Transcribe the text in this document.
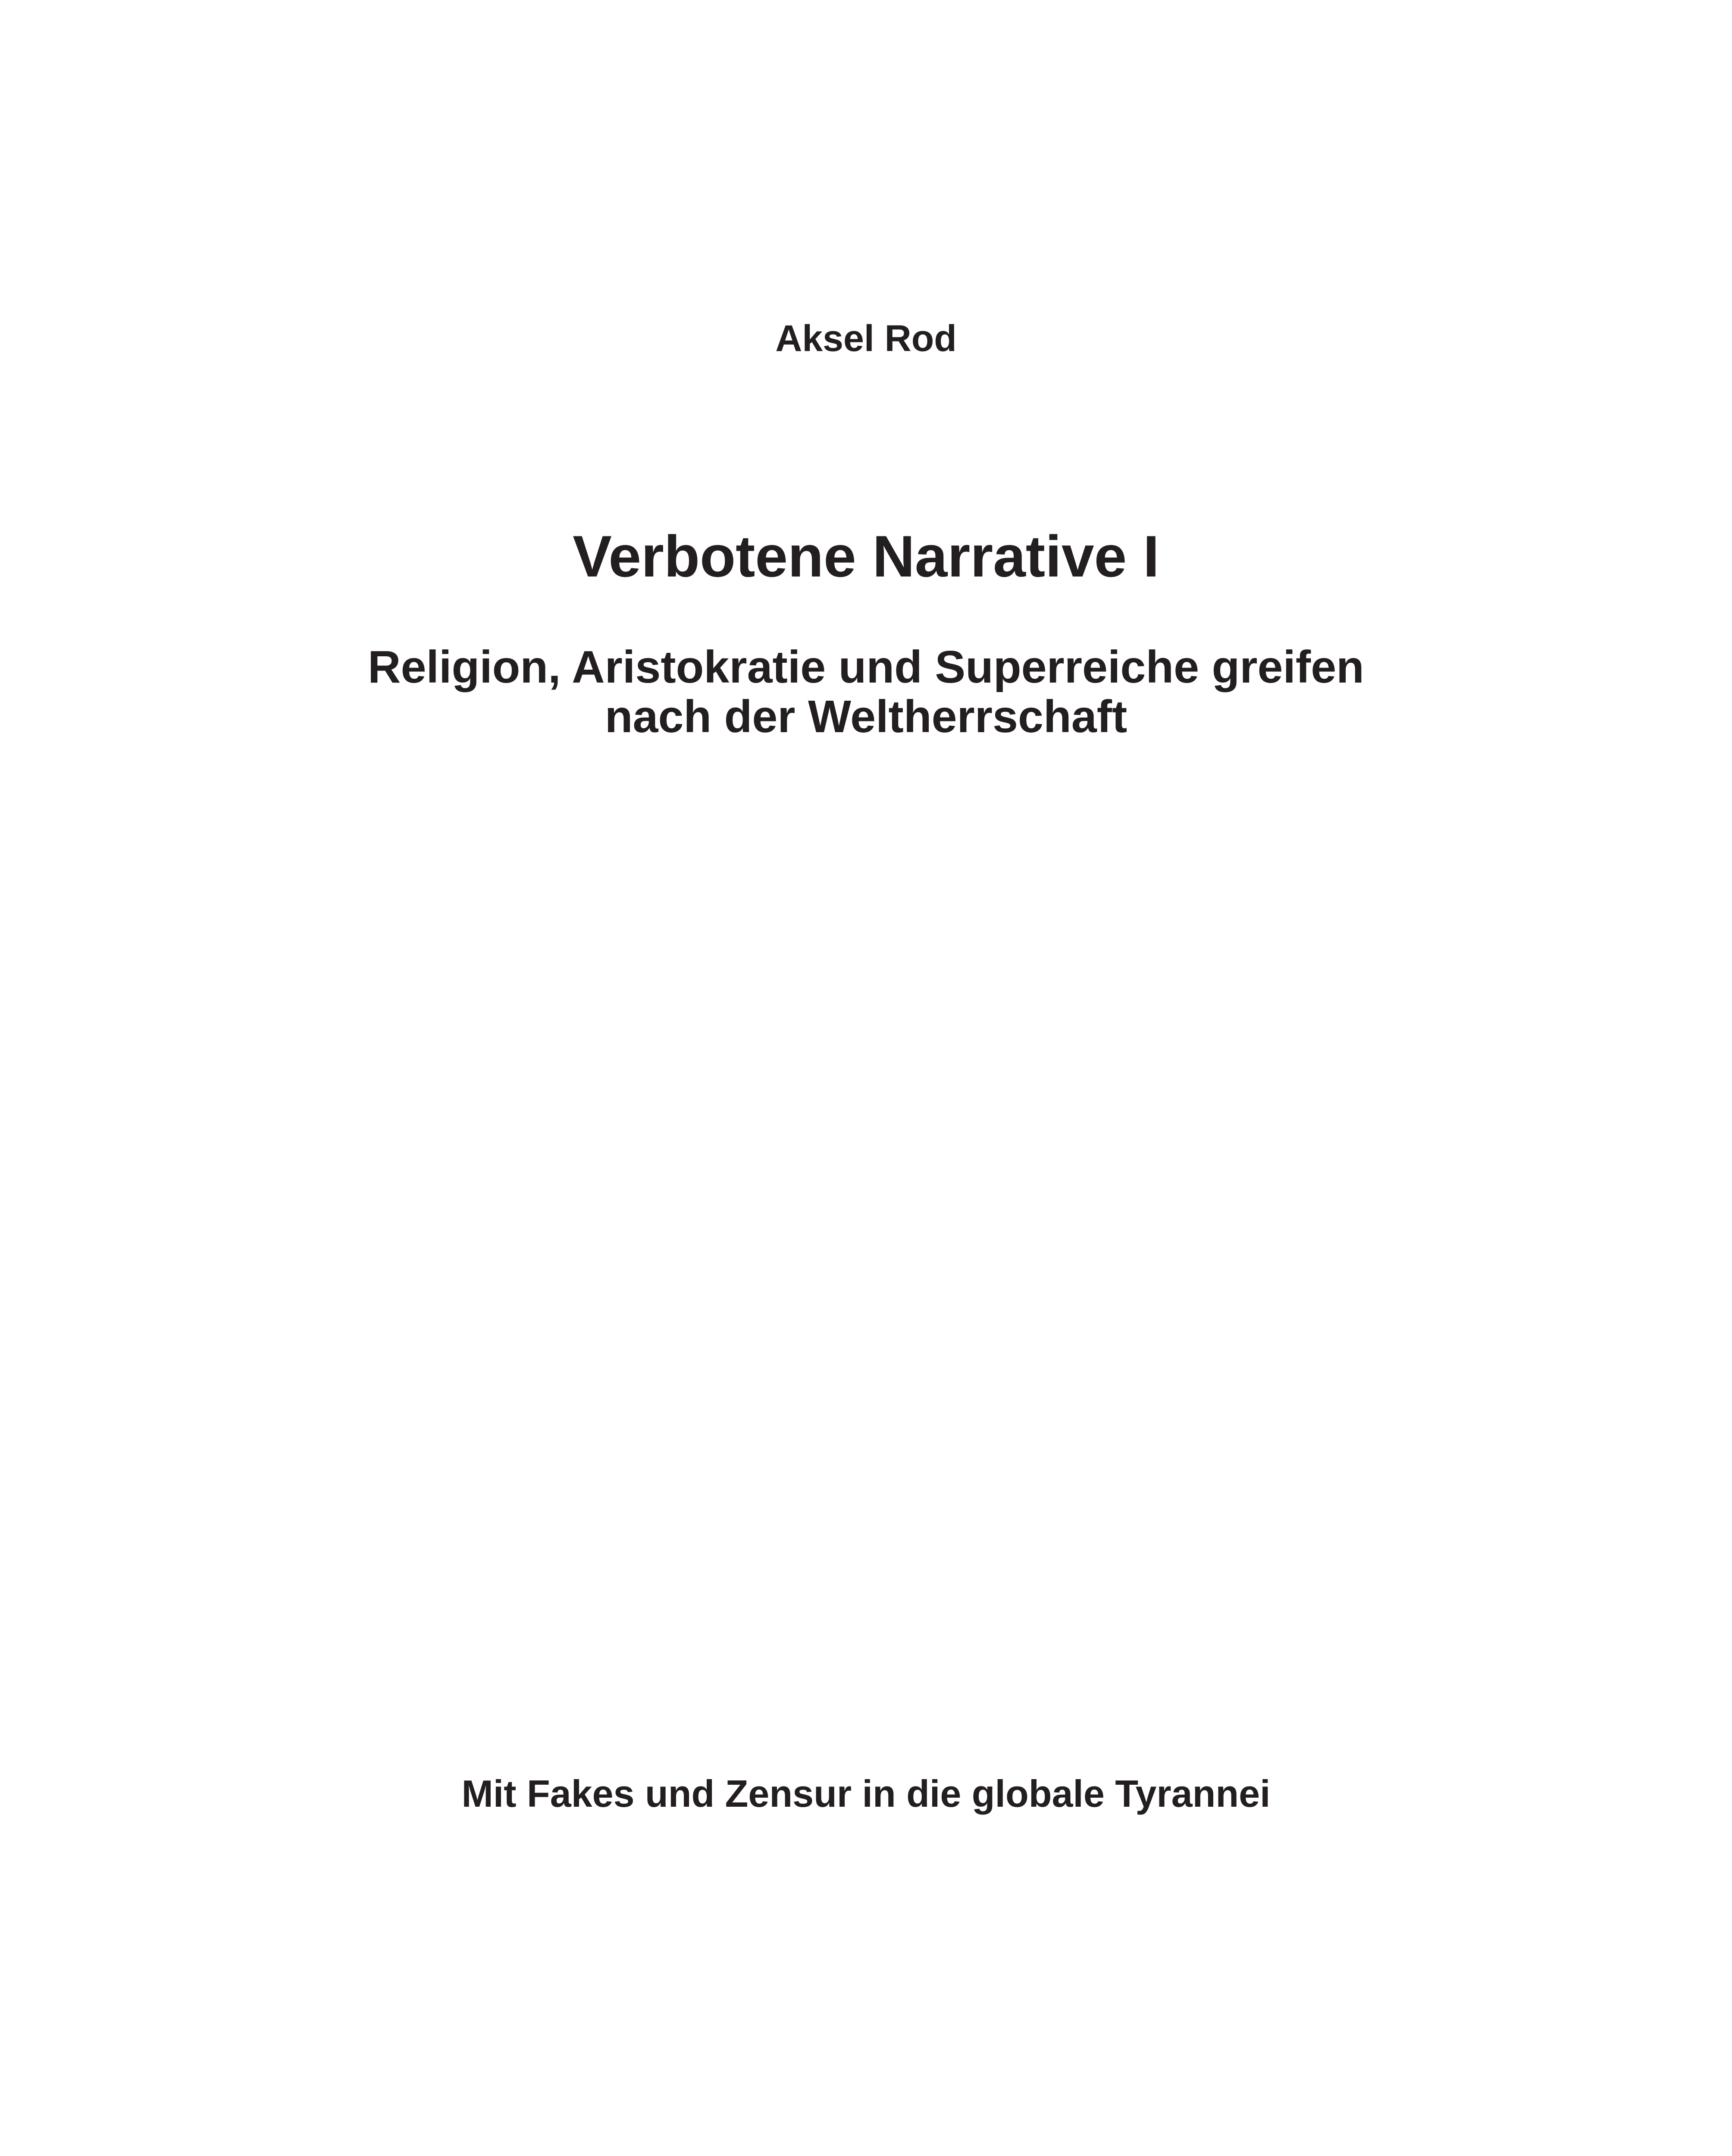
Aksel Rod
Verbotene Narrative I
Religion, Aristokratie und Superreiche greifen
nach der Weltherrschaft
Mit Fakes und Zensur in die globale Tyrannei
